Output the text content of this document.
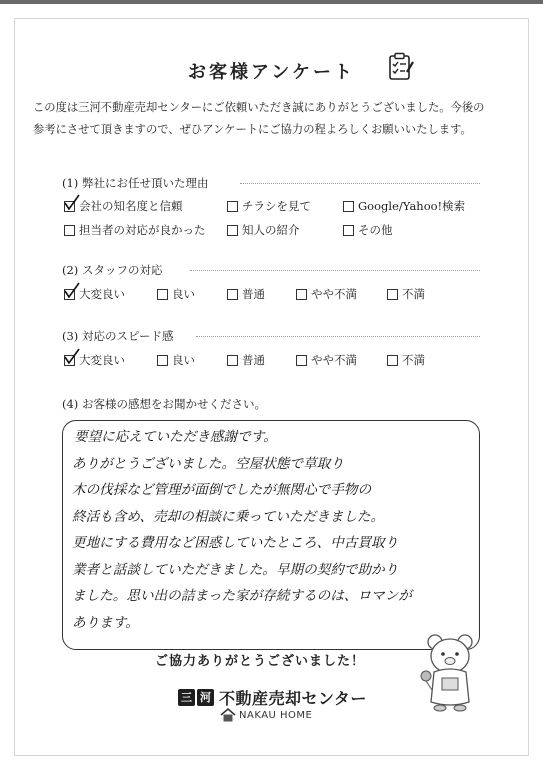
お客様アンケート
この度は三河不動産売却センターにご依頼いただき誠にありがとうございました。今後の
参考にさせて頂きますので、ぜひアンケートにご協力の程よろしくお願いいたします。
(1) 弊社にお任せ頂いた理由
会社の知名度と信頼	チラシを見て	Google/Yahoo!検索
担当者の対応が良かった	知人の紹介	その他
(2) スタッフの対応
大変良い	良い	普通	やや不満	不満
(3) 対応のスピード感
大変良い	良い	普通	やや不満	不満
(4) お客様の感想をお聞かせください。
要望に応えていただき感謝です。
ありがとうございました。空屋状態で草取り
木の伐採など管理が面倒でしたが無関心で手物の
終活も含め、売却の相談に乗っていただきました。
更地にする費用など困惑していたところ、中古買取り
業者と話談していただきました。早期の契約で助かり
ました。思い出の詰まった家が存続するのは、ロマンが
あります。
ご協力ありがとうございました！
三 河 不動産売却センター
NAKAU HOME
